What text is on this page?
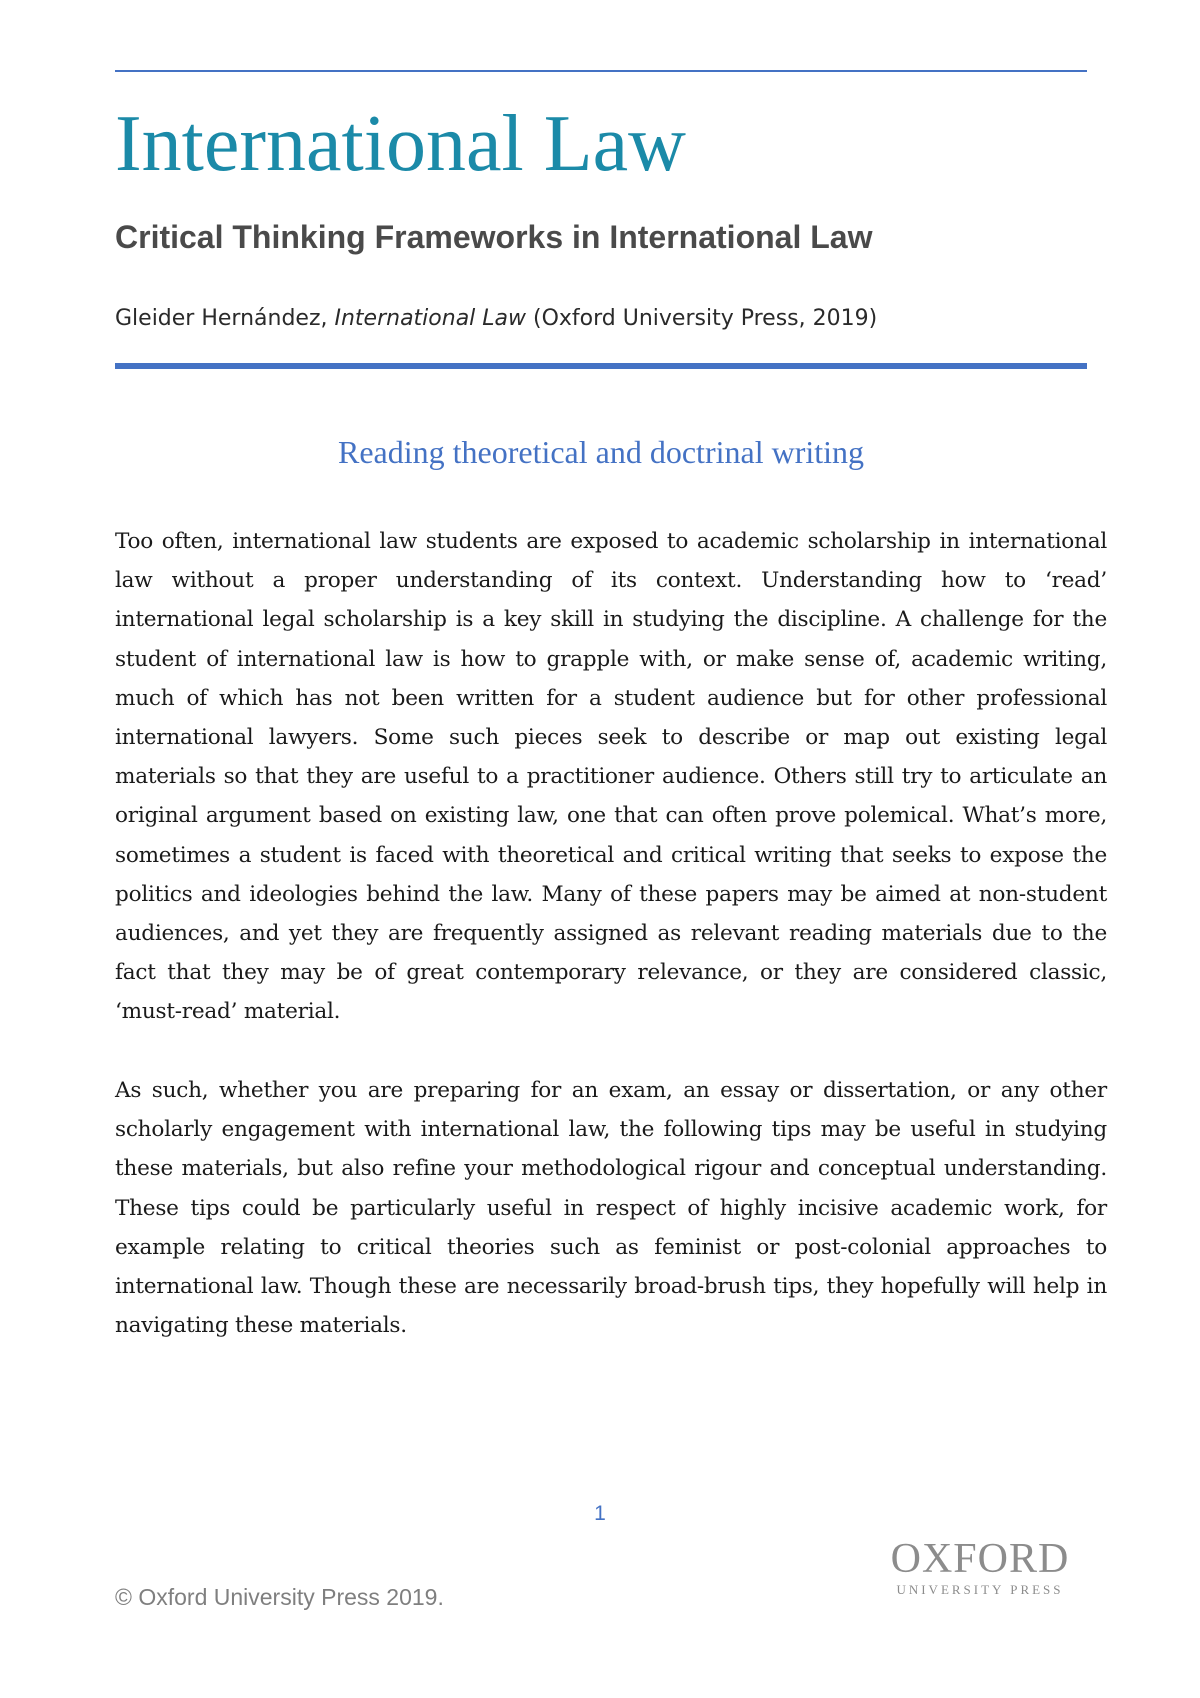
International Law
Critical Thinking Frameworks in International Law
Gleider Hernández, International Law (Oxford University Press, 2019)
Reading theoretical and doctrinal writing

Too often, international law students are exposed to academic scholarship in international law without a proper understanding of its context. Understanding how to ‘read’ international legal scholarship is a key skill in studying the discipline. A challenge for the student of international law is how to grapple with, or make sense of, academic writing, much of which has not been written for a student audience but for other professional international lawyers. Some such pieces seek to describe or map out existing legal materials so that they are useful to a practitioner audience. Others still try to articulate an original argument based on existing law, one that can often prove polemical. What’s more, sometimes a student is faced with theoretical and critical writing that seeks to expose the politics and ideologies behind the law. Many of these papers may be aimed at non-student audiences, and yet they are frequently assigned as relevant reading materials due to the fact that they may be of great contemporary relevance, or they are considered classic, ‘must-read’ material.

As such, whether you are preparing for an exam, an essay or dissertation, or any other scholarly engagement with international law, the following tips may be useful in studying these materials, but also refine your methodological rigour and conceptual understanding. These tips could be particularly useful in respect of highly incisive academic work, for example relating to critical theories such as feminist or post-colonial approaches to international law. Though these are necessarily broad-brush tips, they hopefully will help in navigating these materials.

1
© Oxford University Press 2019.
OXFORD
UNIVERSITY PRESS
